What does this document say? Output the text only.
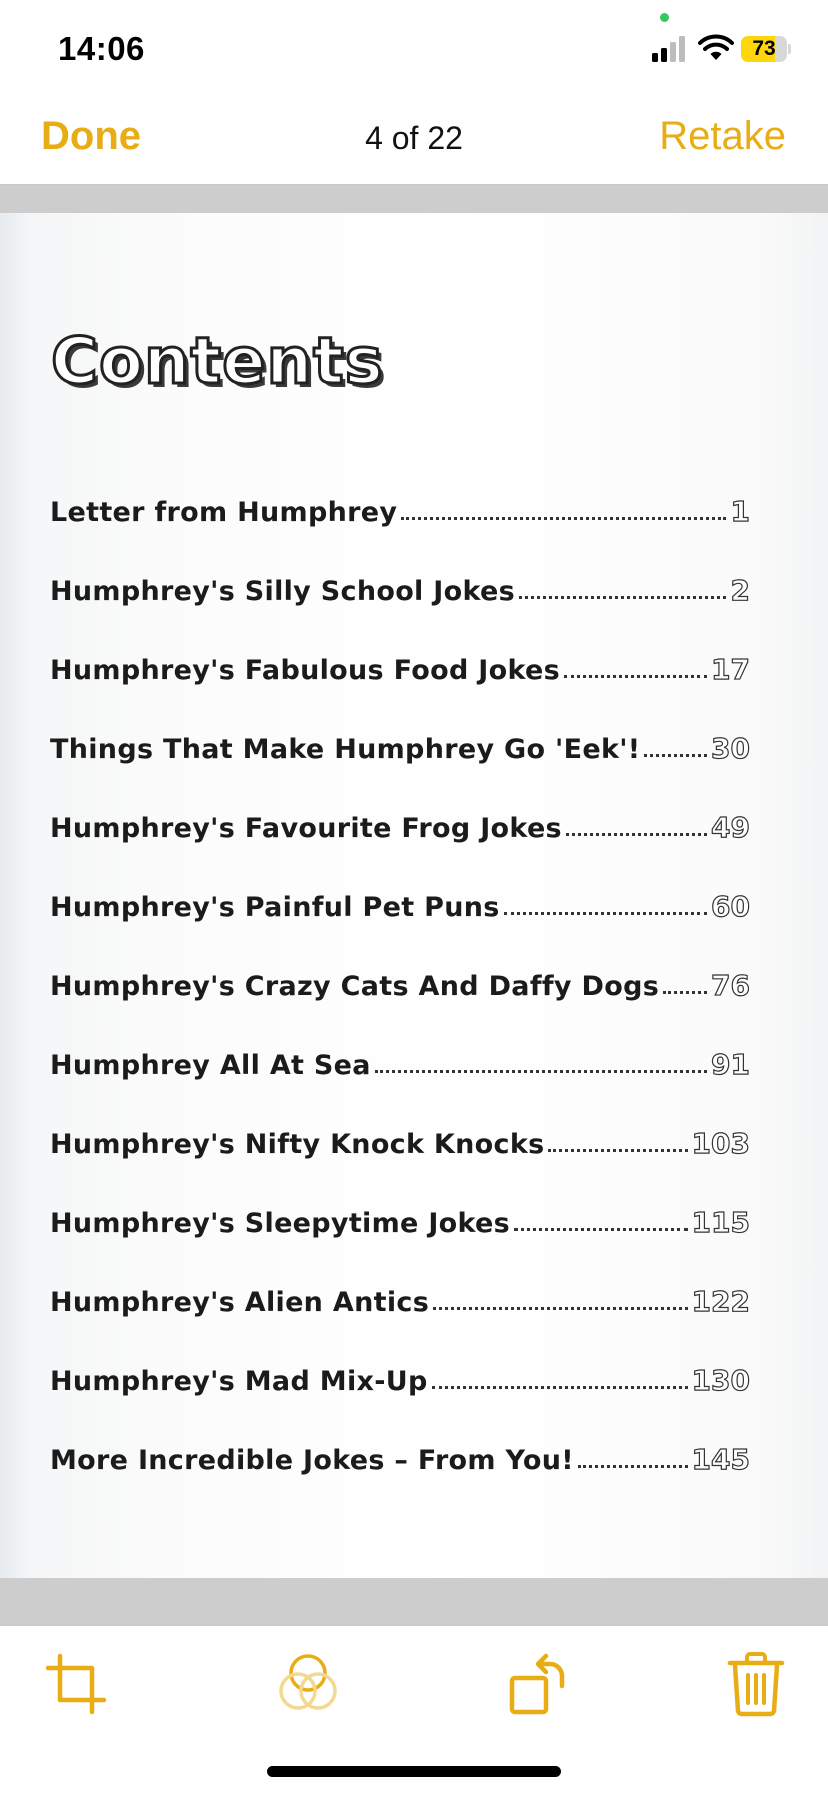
14:06	73
Done	4 of 22	Retake
Contents
Letter from Humphrey	1
Humphrey's Silly School Jokes	2
Humphrey's Fabulous Food Jokes	17
Things That Make Humphrey Go 'Eek'!	30
Humphrey's Favourite Frog Jokes	49
Humphrey's Painful Pet Puns	60
Humphrey's Crazy Cats And Daffy Dogs 76
Humphrey All At Sea	91
Humphrey's Nifty Knock Knocks	103
Humphrey's Sleepytime Jokes	115
Humphrey's Alien Antics	122
Humphrey's Mad Mix-Up	130
More Incredible Jokes – From You!	145
